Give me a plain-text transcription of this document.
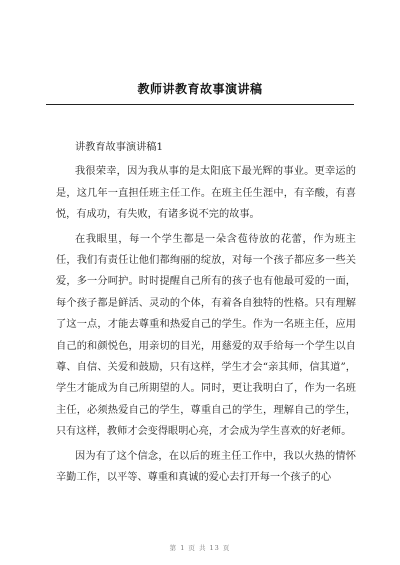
教师讲教育故事演讲稿
讲教育故事演讲稿1

我很荣幸，因为我从事的是太阳底下最光辉的事业。更幸运的是，这几年一直担任班主任工作。在班主任生涯中，有辛酸，有喜悦，有成功，有失败，有诸多说不完的故事。

在我眼里，每一个学生都是一朵含苞待放的花蕾，作为班主任，我们有责任让他们都绚丽的绽放，对每一个孩子都应多一些关爱，多一分呵护。时时提醒自己所有的孩子也有他最可爱的一面，每个孩子都是鲜活、灵动的个体，有着各自独特的性格。只有理解了这一点，才能去尊重和热爱自己的学生。作为一名班主任，应用自己的和颜悦色，用亲切的目光，用慈爱的双手给每一个学生以自尊、自信、关爱和鼓励，只有这样，学生才会“亲其师，信其道”，学生才能成为自己所期望的人。同时，更让我明白了，作为一名班主任，必须热爱自己的学生，尊重自己的学生，理解自己的学生，只有这样，教师才会变得眼明心亮，才会成为学生喜欢的好老师。

因为有了这个信念，在以后的班主任工作中，我以火热的情怀辛勤工作，以平等、尊重和真诚的爱心去打开每一个孩子的心

第 1 页 共 13 页
